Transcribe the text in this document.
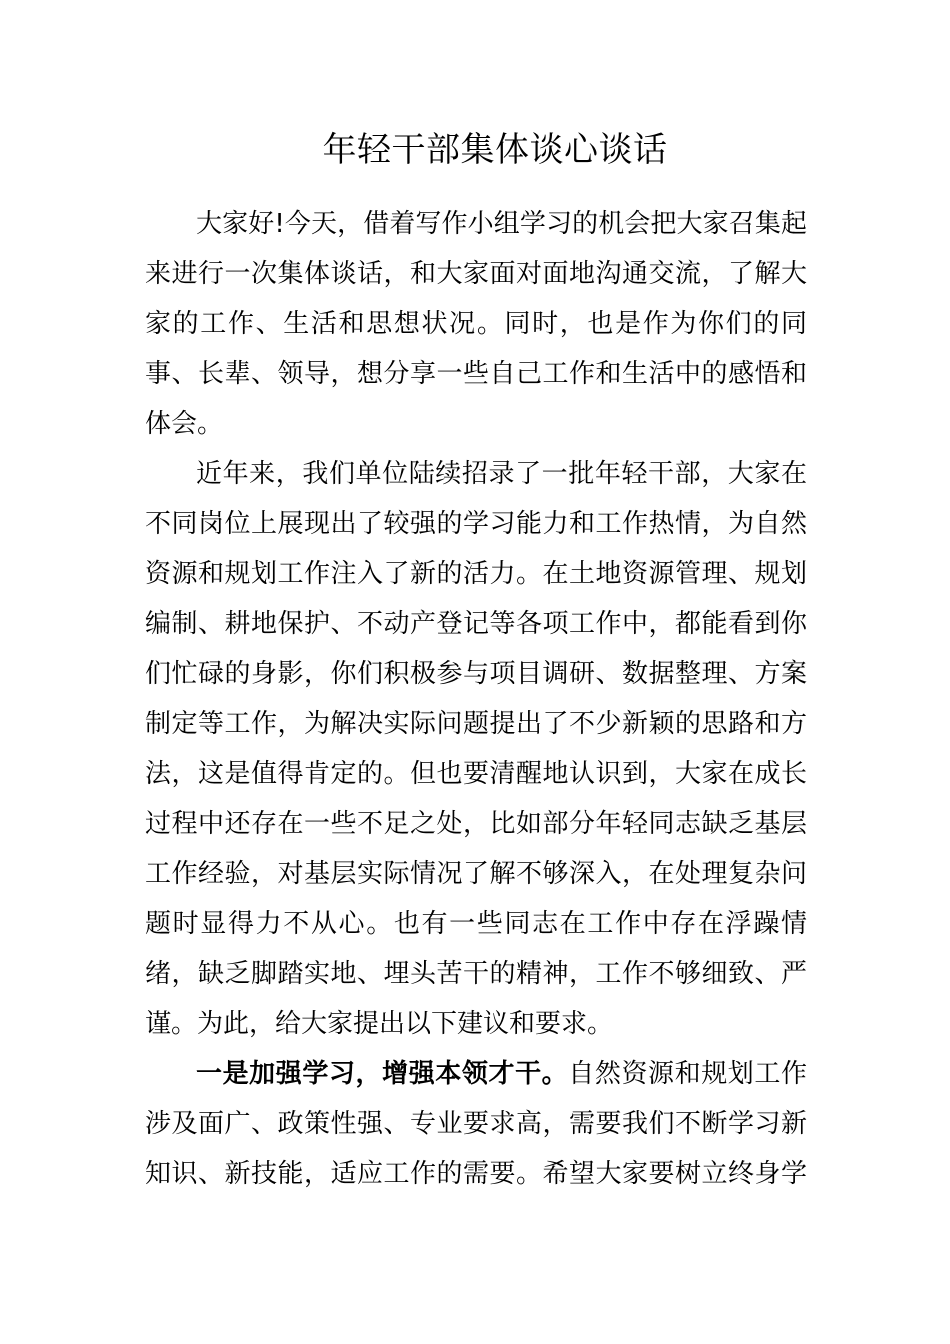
年轻干部集体谈心谈话
大家好!今天，借着写作小组学习的机会把大家召集起
来进行一次集体谈话，和大家面对面地沟通交流，了解大
家的工作、生活和思想状况。同时，也是作为你们的同
事、长辈、领导，想分享一些自己工作和生活中的感悟和
体会。
近年来，我们单位陆续招录了一批年轻干部，大家在
不同岗位上展现出了较强的学习能力和工作热情，为自然
资源和规划工作注入了新的活力。在土地资源管理、规划
编制、耕地保护、不动产登记等各项工作中，都能看到你
们忙碌的身影，你们积极参与项目调研、数据整理、方案
制定等工作，为解决实际问题提出了不少新颖的思路和方
法，这是值得肯定的。但也要清醒地认识到，大家在成长
过程中还存在一些不足之处，比如部分年轻同志缺乏基层
工作经验，对基层实际情况了解不够深入，在处理复杂问
题时显得力不从心。也有一些同志在工作中存在浮躁情
绪，缺乏脚踏实地、埋头苦干的精神，工作不够细致、严
谨。为此，给大家提出以下建议和要求。
一是加强学习，增强本领才干。自然资源和规划工作
涉及面广、政策性强、专业要求高，需要我们不断学习新
知识、新技能，适应工作的需要。希望大家要树立终身学
